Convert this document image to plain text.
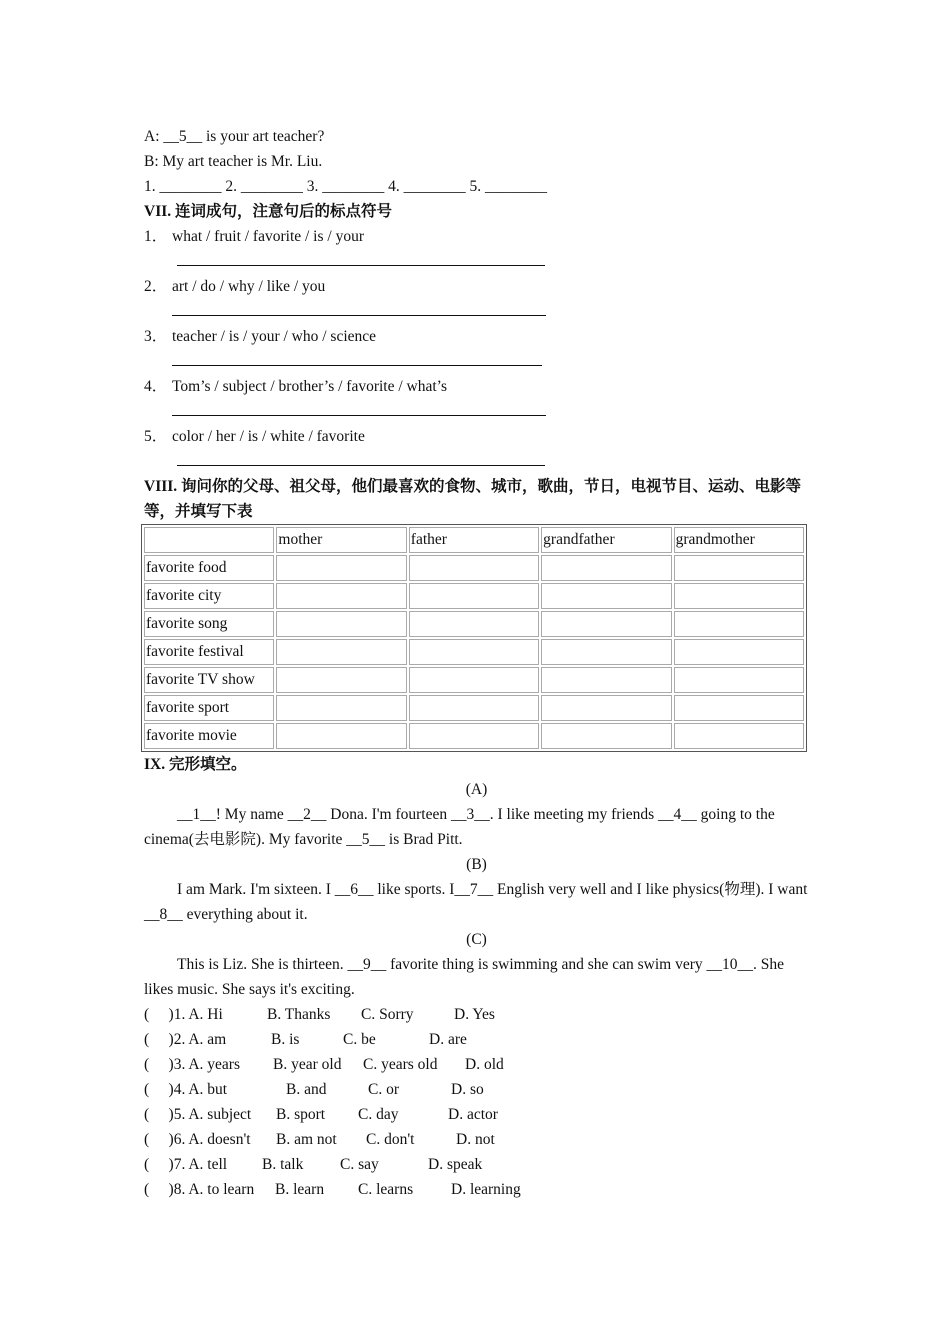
A: __5__ is your art teacher?
B: My art teacher is Mr. Liu.
1. ________ 2. ________ 3. ________ 4. ________ 5. ________
VII. 连词成句，注意句后的标点符号
1． what / fruit / favorite / is / your
2． art / do / why / like / you
3． teacher / is / your / who / science
4． Tom’s / subject / brother’s / favorite / what’s
5． color / her / is / white / favorite
VIII. 询问你的父母、祖父母，他们最喜欢的食物、城市，歌曲，节日，电视节目、运动、电影等等，并填写下表
	mother	father	grandfather	grandmother
favorite food				
favorite city				
favorite song				
favorite festival				
favorite TV show				
favorite sport				
favorite movie				
IX. 完形填空。
(A)
__1__! My name __2__ Dona. I'm fourteen __3__. I like meeting my friends __4__ going to the cinema(去电影院). My favorite __5__ is Brad Pitt.
(B)
I am Mark. I'm sixteen. I __6__ like sports. I__7__ English very well and I like physics(物理). I want __8__ everything about it.
(C)
This is Liz. She is thirteen. __9__ favorite thing is swimming and she can swim very __10__. She likes music. She says it's exciting.
(     )1. A. Hi	B. Thanks C. Sorry	D. Yes
(     )2. A. am	B. is	C. be	D. are
(     )3. A. years B. year old C. years old D. old
(     )4. A. but	B. and	C. or	D. so
(     )5. A. subject B. sport C. day	D. actor
(     )6. A. doesn't B. am not C. don't	D. not
(     )7. A. tell B. talk C. say	D. speak
(     )8. A. to learn B. learn C. learns D. learning
